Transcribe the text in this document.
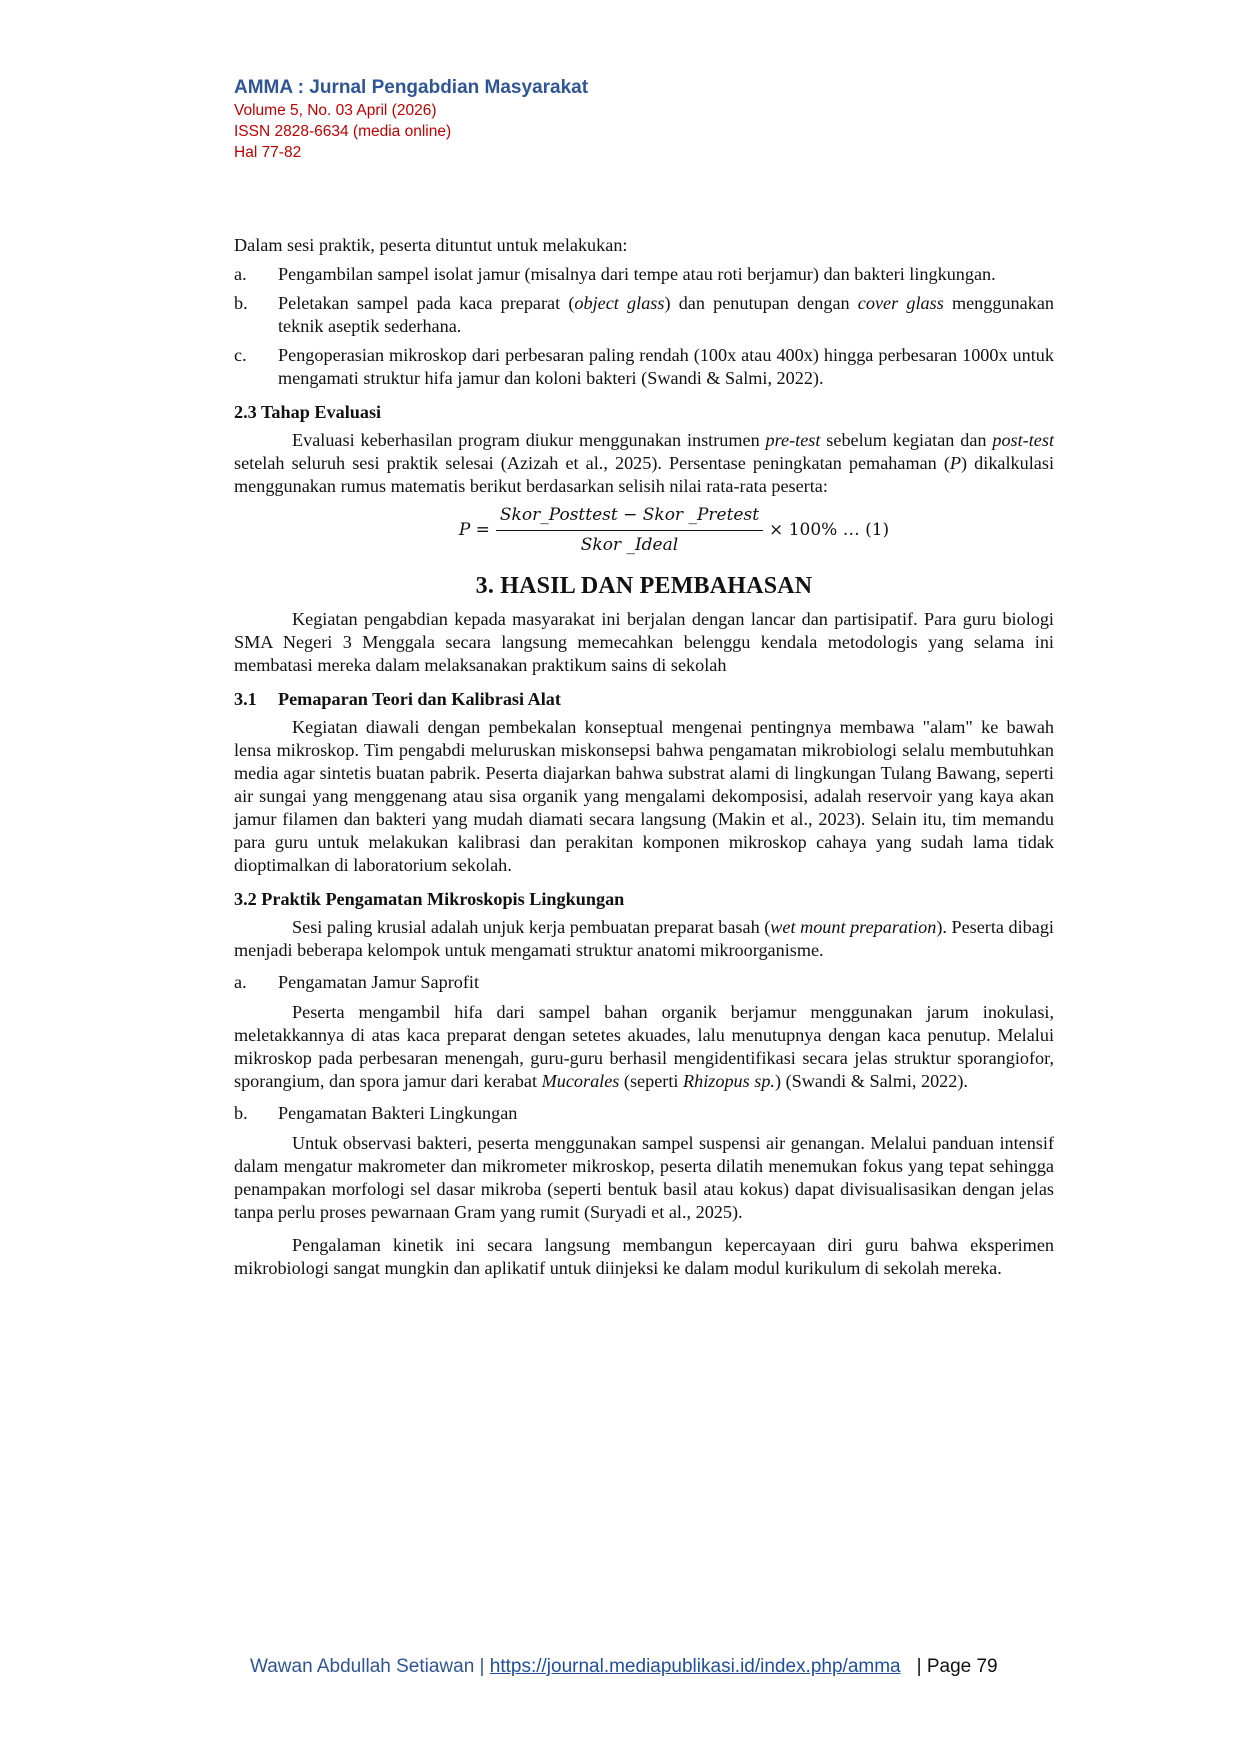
AMMA : Jurnal Pengabdian Masyarakat
Volume 5, No. 03 April (2026)
ISSN 2828-6634 (media online)
Hal 77-82

Dalam sesi praktik, peserta dituntut untuk melakukan:

a.	Pengambilan sampel isolat jamur (misalnya dari tempe atau roti berjamur) dan bakteri lingkungan.
b.	Peletakan sampel pada kaca preparat (object glass) dan penutupan dengan cover glass menggunakan teknik aseptik sederhana.
c.	Pengoperasian mikroskop dari perbesaran paling rendah (100x atau 400x) hingga perbesaran 1000x untuk mengamati struktur hifa jamur dan koloni bakteri (Swandi & Salmi, 2022).
2.3 Tahap Evaluasi

Evaluasi keberhasilan program diukur menggunakan instrumen pre-test sebelum kegiatan dan post-test setelah seluruh sesi praktik selesai (Azizah et al., 2025). Persentase peningkatan pemahaman (P) dikalkulasi menggunakan rumus matematis berikut berdasarkan selisih nilai rata-rata peserta:

$P = \frac{\text{Skor\_Posttest − Skor \_Pretest}}{\text{Skor \_Ideal}} \times 100\%$ … (1)
3. HASIL DAN PEMBAHASAN

Kegiatan pengabdian kepada masyarakat ini berjalan dengan lancar dan partisipatif. Para guru biologi SMA Negeri 3 Menggala secara langsung memecahkan belenggu kendala metodologis yang selama ini membatasi mereka dalam melaksanakan praktikum sains di sekolah

3.1 Pemaparan Teori dan Kalibrasi Alat

Kegiatan diawali dengan pembekalan konseptual mengenai pentingnya membawa "alam" ke bawah lensa mikroskop. Tim pengabdi meluruskan miskonsepsi bahwa pengamatan mikrobiologi selalu membutuhkan media agar sintetis buatan pabrik. Peserta diajarkan bahwa substrat alami di lingkungan Tulang Bawang, seperti air sungai yang menggenang atau sisa organik yang mengalami dekomposisi, adalah reservoir yang kaya akan jamur filamen dan bakteri yang mudah diamati secara langsung (Makin et al., 2023). Selain itu, tim memandu para guru untuk melakukan kalibrasi dan perakitan komponen mikroskop cahaya yang sudah lama tidak dioptimalkan di laboratorium sekolah.

3.2 Praktik Pengamatan Mikroskopis Lingkungan

Sesi paling krusial adalah unjuk kerja pembuatan preparat basah (wet mount preparation). Peserta dibagi menjadi beberapa kelompok untuk mengamati struktur anatomi mikroorganisme.

a.	Pengamatan Jamur Saprofit

Peserta mengambil hifa dari sampel bahan organik berjamur menggunakan jarum inokulasi, meletakkannya di atas kaca preparat dengan setetes akuades, lalu menutupnya dengan kaca penutup. Melalui mikroskop pada perbesaran menengah, guru-guru berhasil mengidentifikasi secara jelas struktur sporangiofor, sporangium, dan spora jamur dari kerabat Mucorales (seperti Rhizopus sp.) (Swandi & Salmi, 2022).

b.	Pengamatan Bakteri Lingkungan

Untuk observasi bakteri, peserta menggunakan sampel suspensi air genangan. Melalui panduan intensif dalam mengatur makrometer dan mikrometer mikroskop, peserta dilatih menemukan fokus yang tepat sehingga penampakan morfologi sel dasar mikroba (seperti bentuk basil atau kokus) dapat divisualisasikan dengan jelas tanpa perlu proses pewarnaan Gram yang rumit (Suryadi et al., 2025).

Pengalaman kinetik ini secara langsung membangun kepercayaan diri guru bahwa eksperimen mikrobiologi sangat mungkin dan aplikatif untuk diinjeksi ke dalam modul kurikulum di sekolah mereka.

Wawan Abdullah Setiawan | https://journal.mediapublikasi.id/index.php/amma | Page 79
